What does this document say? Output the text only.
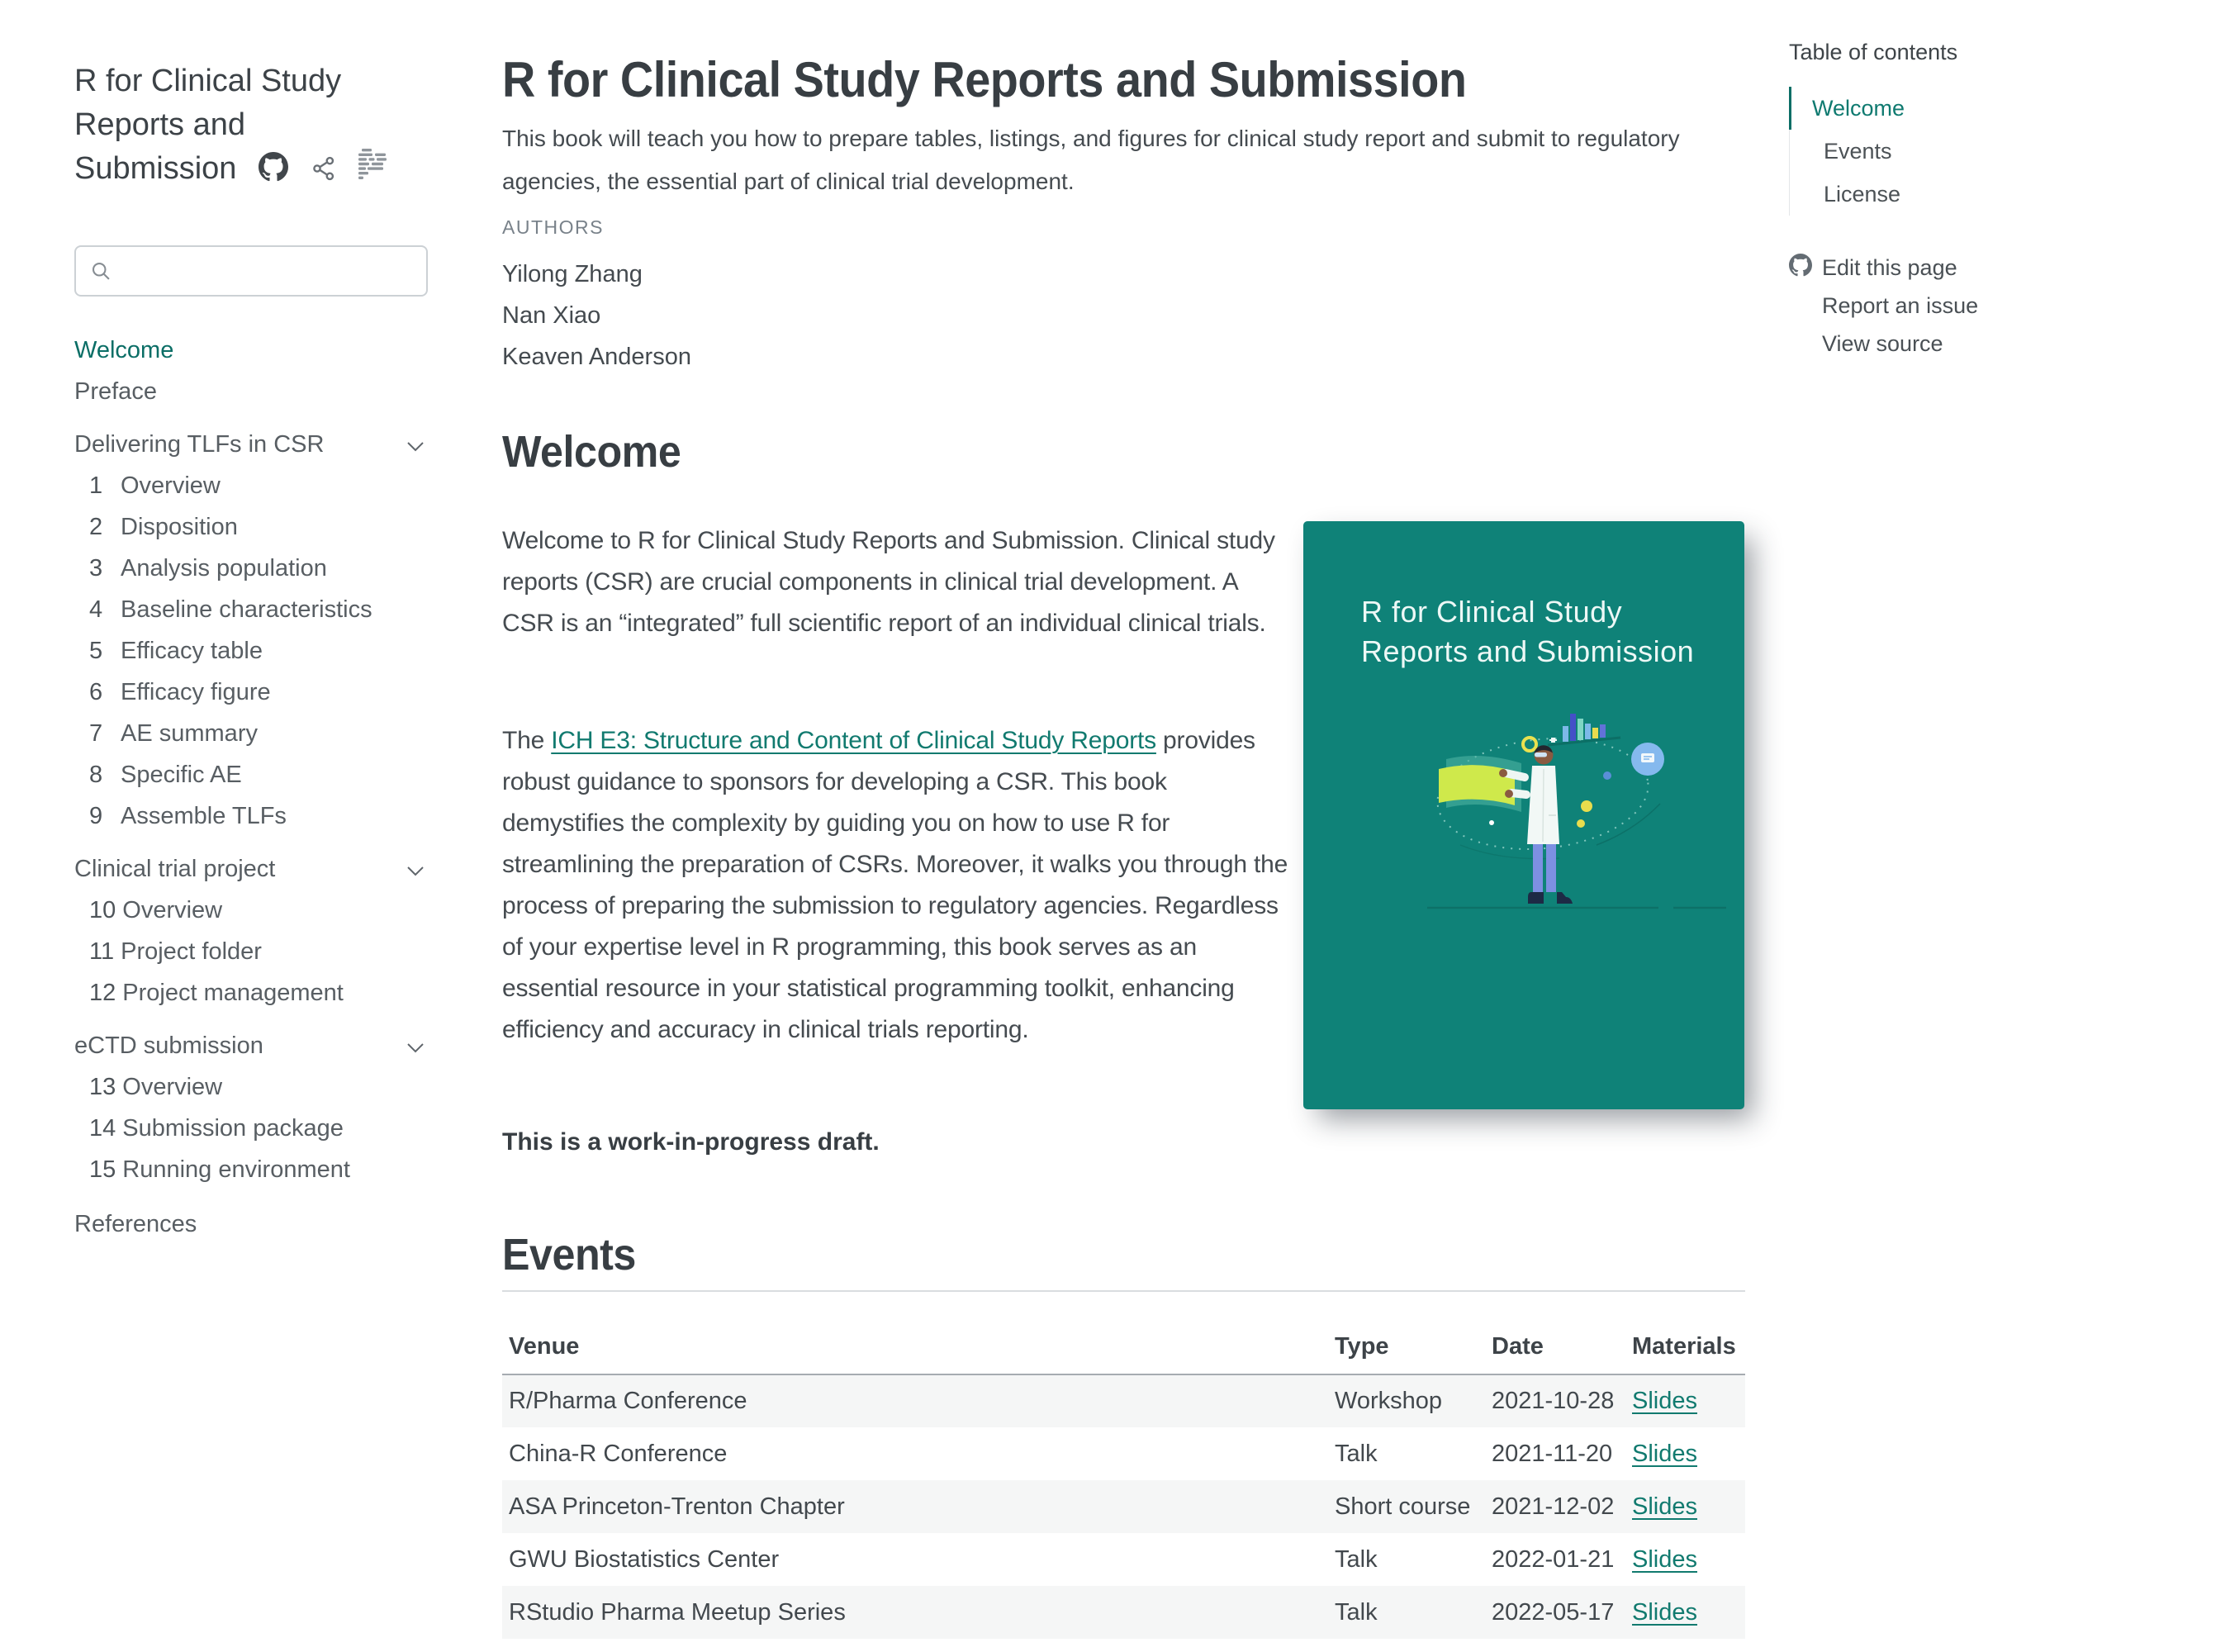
R for Clinical Study Reports and Submission
Welcome
Preface
Delivering TLFs in CSR
1 Overview
2 Disposition
3 Analysis population
4 Baseline characteristics
5 Efficacy table
6 Efficacy figure
7 AE summary
8 Specific AE
9 Assemble TLFs
Clinical trial project
10 Overview
11 Project folder
12 Project management
eCTD submission
13 Overview
14 Submission package
15 Running environment
References
R for Clinical Study Reports and Submission

This book will teach you how to prepare tables, listings, and figures for clinical study report and submit to regulatory agencies, the essential part of clinical trial development.

AUTHORS
Yilong Zhang
Nan Xiao
Keaven Anderson
Welcome

Welcome to R for Clinical Study Reports and Submission. Clinical study reports (CSR) are crucial components in clinical trial development. A CSR is an “integrated” full scientific report of an individual clinical trials.

The ICH E3: Structure and Content of Clinical Study Reports provides robust guidance to sponsors for developing a CSR. This book demystifies the complexity by guiding you on how to use R for streamlining the preparation of CSRs. Moreover, it walks you through the process of preparing the submission to regulatory agencies. Regardless of your expertise level in R programming, this book serves as an essential resource in your statistical programming toolkit, enhancing efficiency and accuracy in clinical trials reporting.

This is a work-in-progress draft.

R for Clinical Study Reports and Submission
Events
Venue	Type	Date	Materials
R/Pharma Conference	Workshop	2021-10-28	Slides
China-R Conference	Talk	2021-11-20	Slides
ASA Princeton-Trenton Chapter	Short course	2021-12-02	Slides
GWU Biostatistics Center	Talk	2022-01-21	Slides
RStudio Pharma Meetup Series	Talk	2022-05-17	Slides
Table of contents
Welcome
Events
License
Edit this page
Report an issue
View source
